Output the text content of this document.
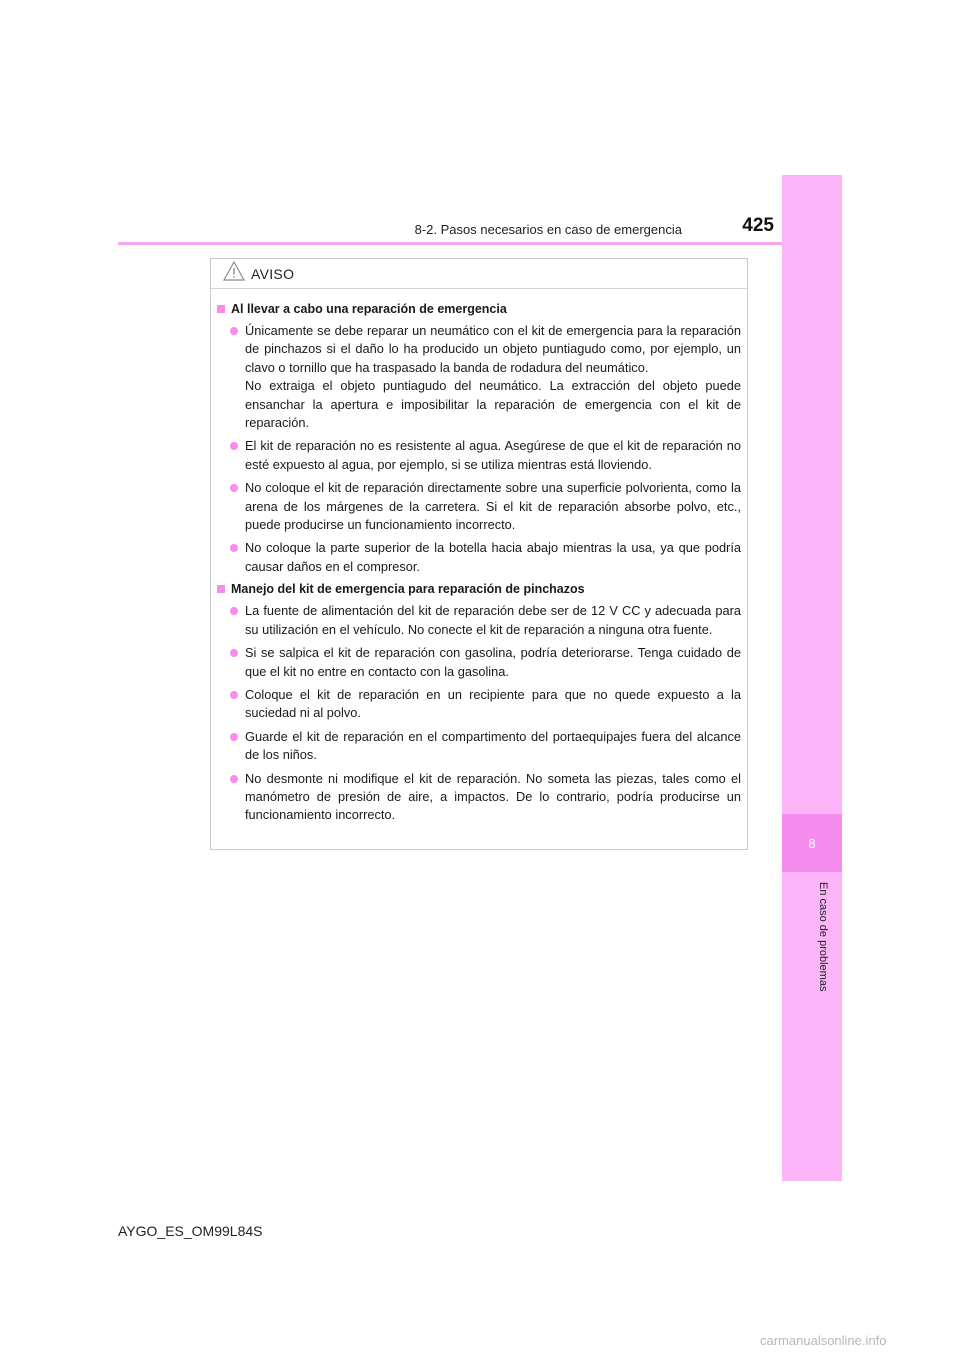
8-2. Pasos necesarios en caso de emergencia	425
8
En caso de problemas
AVISO
Al llevar a cabo una reparación de emergencia
Únicamente se debe reparar un neumático con el kit de emergencia para la reparación de pinchazos si el daño lo ha producido un objeto puntiagudo como, por ejemplo, un clavo o tornillo que ha traspasado la banda de rodadura del neumático.
No extraiga el objeto puntiagudo del neumático. La extracción del objeto puede ensanchar la apertura e imposibilitar la reparación de emergencia con el kit de reparación.
El kit de reparación no es resistente al agua. Asegúrese de que el kit de reparación no esté expuesto al agua, por ejemplo, si se utiliza mientras está lloviendo.
No coloque el kit de reparación directamente sobre una superficie polvorienta, como la arena de los márgenes de la carretera. Si el kit de reparación absorbe polvo, etc., puede producirse un funcionamiento incorrecto.
No coloque la parte superior de la botella hacia abajo mientras la usa, ya que podría causar daños en el compresor.
Manejo del kit de emergencia para reparación de pinchazos
La fuente de alimentación del kit de reparación debe ser de 12 V CC y adecuada para su utilización en el vehículo. No conecte el kit de reparación a ninguna otra fuente.
Si se salpica el kit de reparación con gasolina, podría deteriorarse. Tenga cuidado de que el kit no entre en contacto con la gasolina.
Coloque el kit de reparación en un recipiente para que no quede expuesto a la suciedad ni al polvo.
Guarde el kit de reparación en el compartimento del portaequipajes fuera del alcance de los niños.
No desmonte ni modifique el kit de reparación. No someta las piezas, tales como el manómetro de presión de aire, a impactos. De lo contrario, podría producirse un funcionamiento incorrecto.
AYGO_ES_OM99L84S
carmanualsonline.info
